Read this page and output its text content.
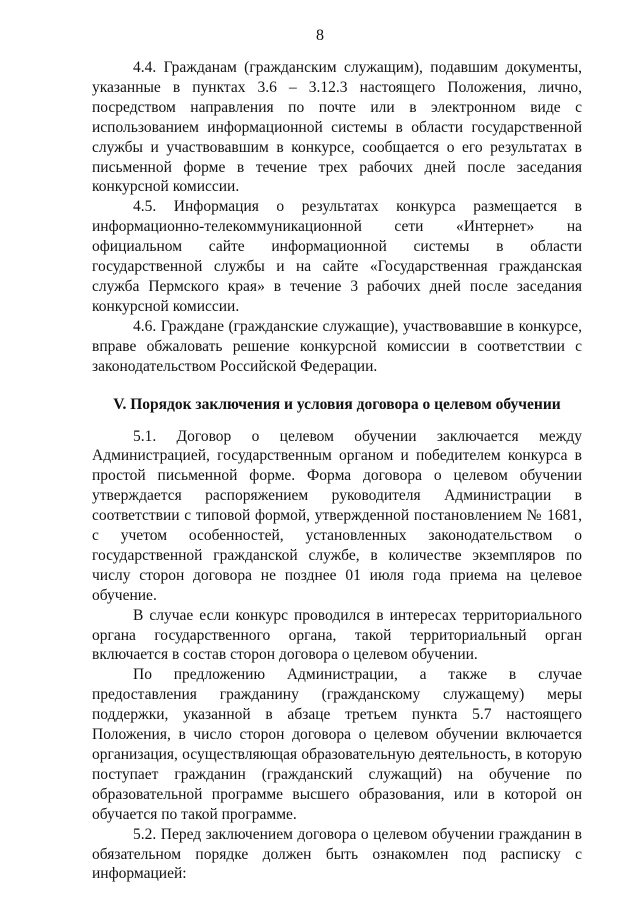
8

4.4. Гражданам (гражданским служащим), подавшим документы, указанные в пунктах 3.6 – 3.12.3 настоящего Положения, лично, посредством направления по почте или в электронном виде с использованием информационной системы в области государственной службы и участвовавшим в конкурсе, сообщается о его результатах в письменной форме в течение трех рабочих дней после заседания конкурсной комиссии.

4.5. Информация о результатах конкурса размещается в информационно-телекоммуникационной сети «Интернет» на официальном сайте информационной системы в области государственной службы и на сайте «Государственная гражданская служба Пермского края» в течение 3 рабочих дней после заседания конкурсной комиссии.

4.6. Граждане (гражданские служащие), участвовавшие в конкурсе, вправе обжаловать решение конкурсной комиссии в соответствии с законодательством Российской Федерации.

V. Порядок заключения и условия договора о целевом обучении

5.1. Договор о целевом обучении заключается между Администрацией, государственным органом и победителем конкурса в простой письменной форме. Форма договора о целевом обучении утверждается распоряжением руководителя Администрации в соответствии с типовой формой, утвержденной постановлением № 1681, с учетом особенностей, установленных законодательством о государственной гражданской службе, в количестве экземпляров по числу сторон договора не позднее 01 июля года приема на целевое обучение.

В случае если конкурс проводился в интересах территориального органа государственного органа, такой территориальный орган включается в состав сторон договора о целевом обучении.

По предложению Администрации, а также в случае предоставления гражданину (гражданскому служащему) меры поддержки, указанной в абзаце третьем пункта 5.7 настоящего Положения, в число сторон договора о целевом обучении включается организация, осуществляющая образовательную деятельность, в которую поступает гражданин (гражданский служащий) на обучение по образовательной программе высшего образования, или в которой он обучается по такой программе.

5.2. Перед заключением договора о целевом обучении гражданин в обязательном порядке должен быть ознакомлен под расписку с информацией:
